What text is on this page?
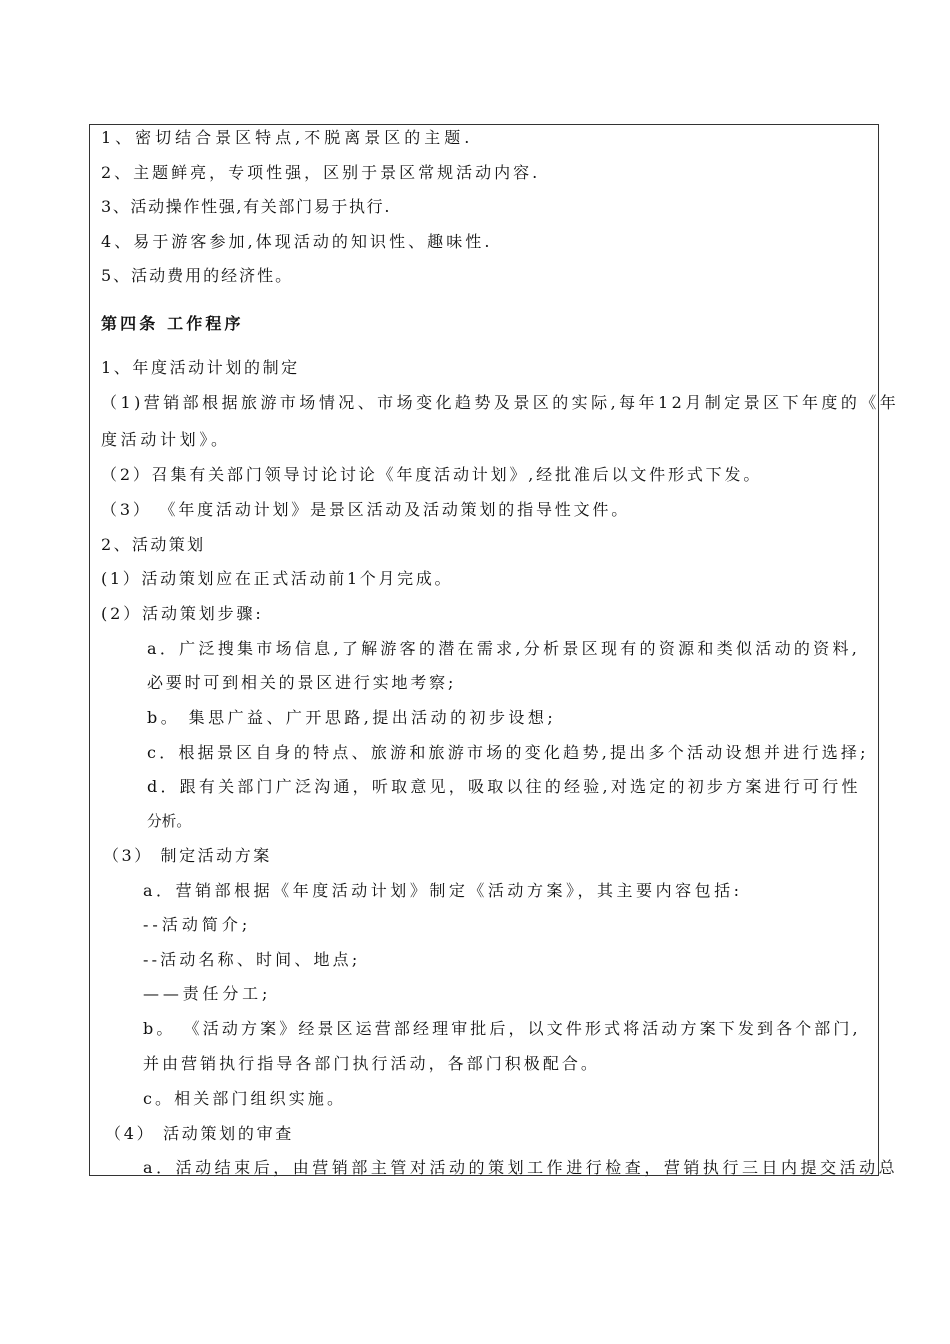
1、密切结合景区特点,不脱离景区的主题.
2、主题鲜亮，专项性强，区别于景区常规活动内容.
3、活动操作性强,有关部门易于执行.
4、易于游客参加,体现活动的知识性、趣味性.
5、活动费用的经济性。
第四条 工作程序
1、年度活动计划的制定
（1)营销部根据旅游市场情况、市场变化趋势及景区的实际,每年12月制定景区下年度的《年
度活动计划》。
（2）召集有关部门领导讨论讨论《年度活动计划》,经批准后以文件形式下发。
（3） 《年度活动计划》是景区活动及活动策划的指导性文件。
2、活动策划
(1）活动策划应在正式活动前1个月完成。
(2）活动策划步骤:
a．广泛搜集市场信息,了解游客的潜在需求,分析景区现有的资源和类似活动的资料,
必要时可到相关的景区进行实地考察;
b。 集思广益、广开思路,提出活动的初步设想;
c．根据景区自身的特点、旅游和旅游市场的变化趋势,提出多个活动设想并进行选择;
d．跟有关部门广泛沟通，听取意见，吸取以往的经验,对选定的初步方案进行可行性
分析。
（3） 制定活动方案
a．营销部根据《年度活动计划》制定《活动方案》，其主要内容包括:
--活动简介;
--活动名称、时间、地点;
——责任分工;
b。 《活动方案》经景区运营部经理审批后，以文件形式将活动方案下发到各个部门,
并由营销执行指导各部门执行活动，各部门积极配合。
c。相关部门组织实施。
（4） 活动策划的审查
a．活动结束后，由营销部主管对活动的策划工作进行检查，营销执行三日内提交活动总
